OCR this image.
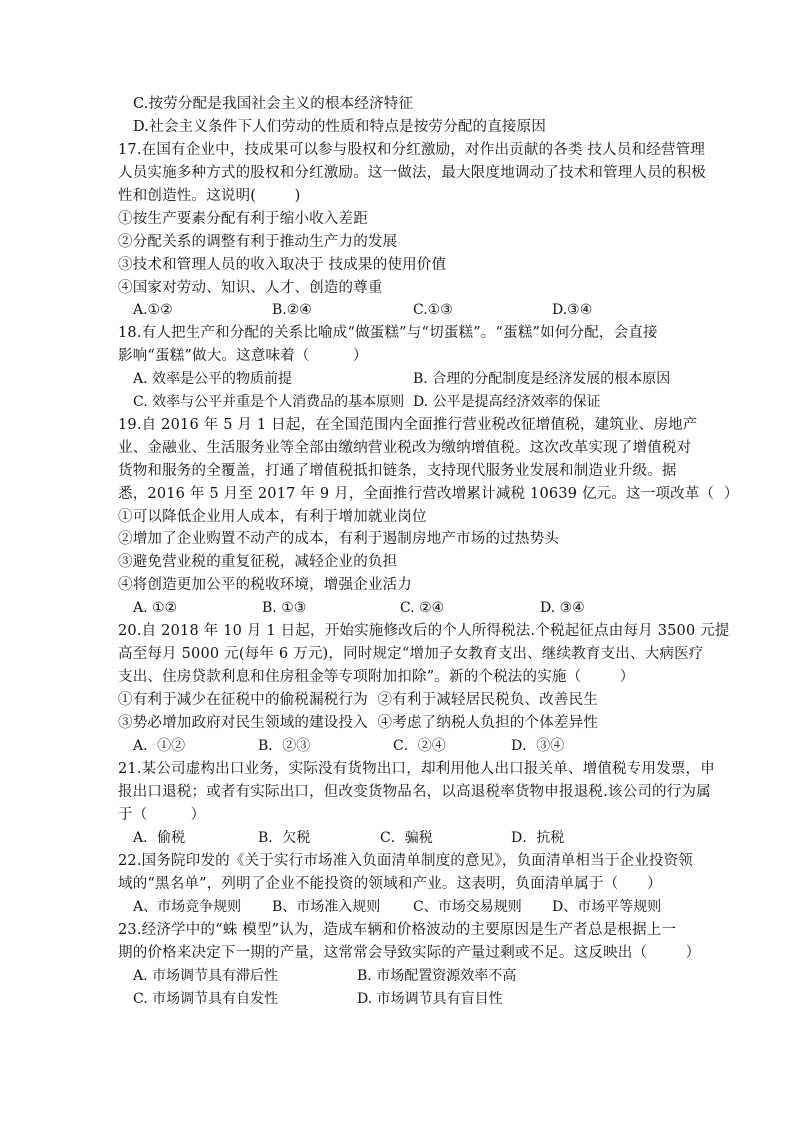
C.按劳分配是我国社会主义的根本经济特征
D.社会主义条件下人们劳动的性质和特点是按劳分配的直接原因
17.在国有企业中，技成果可以参与股权和分红激励，对作出贡献的各类 技人员和经营管理
人员实施多种方式的股权和分红激励。这一做法，最大限度地调动了技术和管理人员的积极
性和创造性。这说明(        )
①按生产要素分配有利于缩小收入差距
②分配关系的调整有利于推动生产力的发展
③技术和管理人员的收入取决于 技成果的使用价值
④国家对劳动、知识、人才、创造的尊重
A.①②	B.②④	C.①③	D.③④
18.有人把生产和分配的关系比喻成“做蛋糕”与“切蛋糕”。“蛋糕”如何分配，会直接
影响“蛋糕”做大。这意味着（         ）
A. 效率是公平的物质前提	B. 合理的分配制度是经济发展的根本原因
C. 效率与公平并重是个人消费品的基本原则 D. 公平是提高经济效率的保证
19.自 2016 年 5 月 1 日起，在全国范围内全面推行营业税改征增值税，建筑业、房地产
业、金融业、生活服务业等全部由缴纳营业税改为缴纳增值税。这次改革实现了增值税对
货物和服务的全覆盖，打通了增值税抵扣链条，支持现代服务业发展和制造业升级。据
悉，2016 年 5 月至 2017 年 9 月，全面推行营改增累计减税 10639 亿元。这一项改革（  ）
①可以降低企业用人成本，有利于增加就业岗位
②增加了企业购置不动产的成本，有利于遏制房地产市场的过热势头
③避免营业税的重复征税，减轻企业的负担
④将创造更加公平的税收环境，增强企业活力
A. ①②	B. ①③	C. ②④	D. ③④
20.自 2018 年 10 月 1 日起，开始实施修改后的个人所得税法.个税起征点由每月 3500 元提
高至每月 5000 元(每年 6 万元)，同时规定“增加子女教育支出、继续教育支出、大病医疗
支出、住房贷款利息和住房租金等专项附加扣除”。新的个税法的实施（        ）
①有利于减少在征税中的偷税漏税行为  ②有利于减轻居民税负、改善民生
③势必增加政府对民生领域的建设投入  ④考虑了纳税人负担的个体差异性
A．①②	B．②③	C．②④	D．③④
21.某公司虚构出口业务，实际没有货物出口，却利用他人出口报关单、增值税专用发票，申
报出口退税；或者有实际出口，但改变货物品名，以高退税率货物申报退税.该公司的行为属
于（         ）
A．偷税	B．欠税	C．骗税	D．抗税
22.国务院印发的《关于实行市场准入负面清单制度的意见》，负面清单相当于企业投资领
域的“黑名单”，列明了企业不能投资的领域和产业。这表明，负面清单属于（      ）
A、市场竞争规则 B、市场准入规则 C、市场交易规则 D、市场平等规则
23.经济学中的“蛛 模型”认为，造成车辆和价格波动的主要原因是生产者总是根据上一
期的价格来决定下一期的产量，这常常会导致实际的产量过剩或不足。这反映出（        ）
A. 市场调节具有滞后性	B. 市场配置资源效率不高
C. 市场调节具有自发性	D. 市场调节具有盲目性
